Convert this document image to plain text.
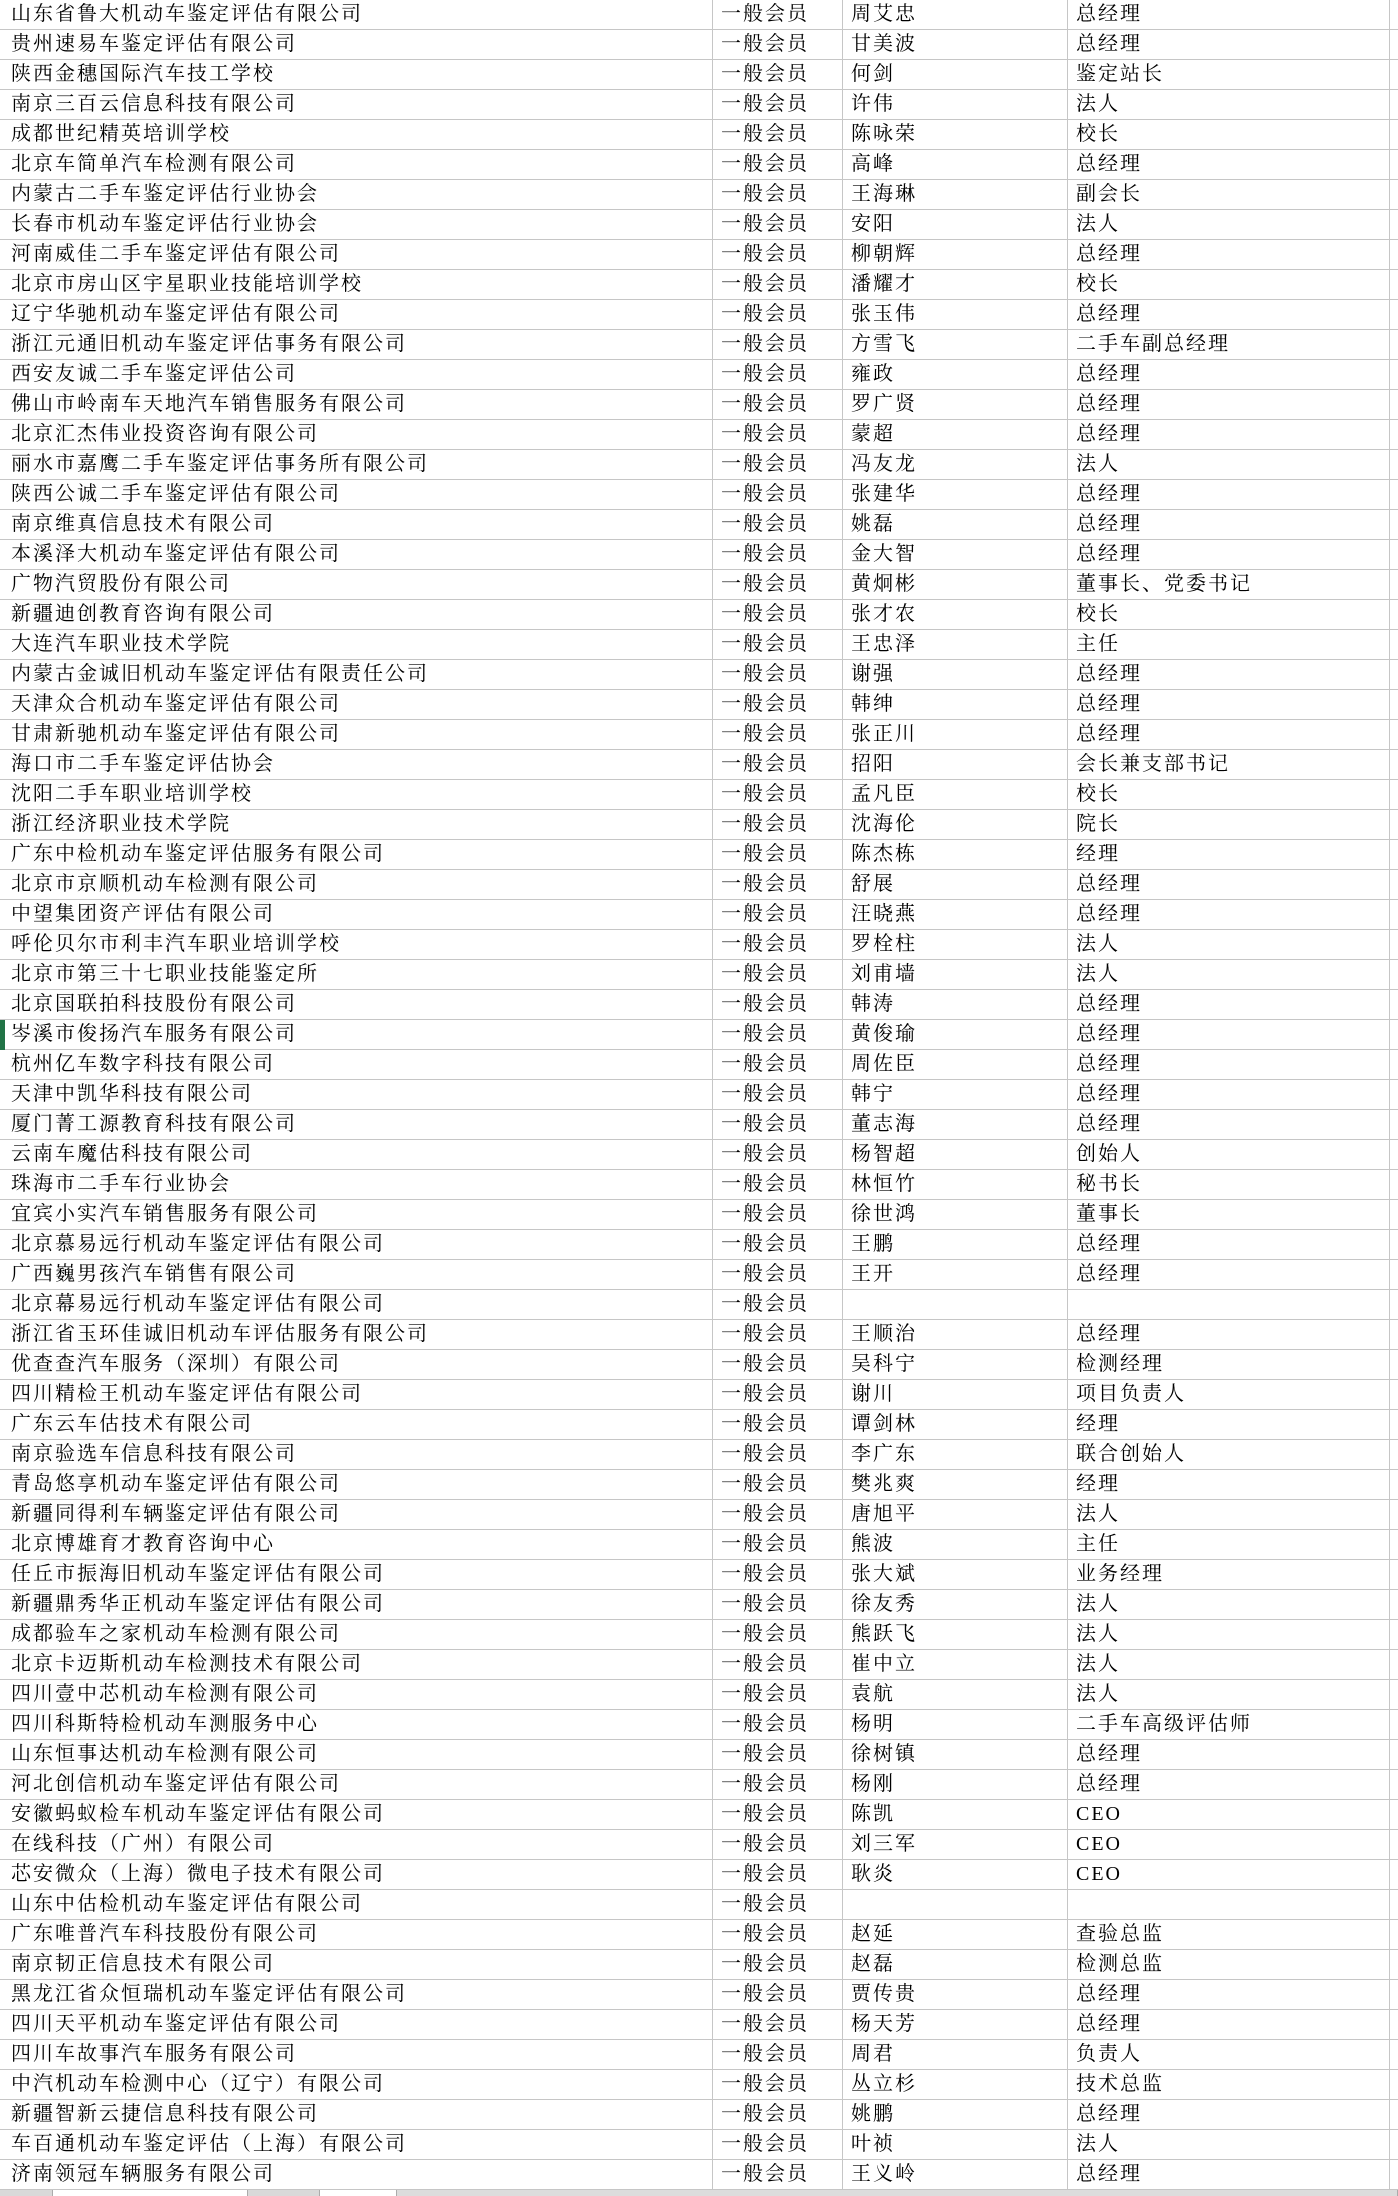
山东省鲁大机动车鉴定评估有限公司	一般会员	周艾忠	总经理
贵州速易车鉴定评估有限公司	一般会员	甘美波	总经理
陕西金穗国际汽车技工学校	一般会员	何剑	鉴定站长
南京三百云信息科技有限公司	一般会员	许伟	法人
成都世纪精英培训学校	一般会员	陈咏荣	校长
北京车简单汽车检测有限公司	一般会员	高峰	总经理
内蒙古二手车鉴定评估行业协会	一般会员	王海琳	副会长
长春市机动车鉴定评估行业协会	一般会员	安阳	法人
河南威佳二手车鉴定评估有限公司	一般会员	柳朝辉	总经理
北京市房山区宇星职业技能培训学校	一般会员	潘耀才	校长
辽宁华驰机动车鉴定评估有限公司	一般会员	张玉伟	总经理
浙江元通旧机动车鉴定评估事务有限公司	一般会员	方雪飞	二手车副总经理
西安友诚二手车鉴定评估公司	一般会员	雍政	总经理
佛山市岭南车天地汽车销售服务有限公司	一般会员	罗广贤	总经理
北京汇杰伟业投资咨询有限公司	一般会员	蒙超	总经理
丽水市嘉鹰二手车鉴定评估事务所有限公司	一般会员	冯友龙	法人
陕西公诚二手车鉴定评估有限公司	一般会员	张建华	总经理
南京维真信息技术有限公司	一般会员	姚磊	总经理
本溪泽大机动车鉴定评估有限公司	一般会员	金大智	总经理
广物汽贸股份有限公司	一般会员	黄炯彬	董事长、党委书记
新疆迪创教育咨询有限公司	一般会员	张才农	校长
大连汽车职业技术学院	一般会员	王忠泽	主任
内蒙古金诚旧机动车鉴定评估有限责任公司	一般会员	谢强	总经理
天津众合机动车鉴定评估有限公司	一般会员	韩绅	总经理
甘肃新驰机动车鉴定评估有限公司	一般会员	张正川	总经理
海口市二手车鉴定评估协会	一般会员	招阳	会长兼支部书记
沈阳二手车职业培训学校	一般会员	孟凡臣	校长
浙江经济职业技术学院	一般会员	沈海伦	院长
广东中检机动车鉴定评估服务有限公司	一般会员	陈杰栋	经理
北京市京顺机动车检测有限公司	一般会员	舒展	总经理
中望集团资产评估有限公司	一般会员	汪晓燕	总经理
呼伦贝尔市利丰汽车职业培训学校	一般会员	罗栓柱	法人
北京市第三十七职业技能鉴定所	一般会员	刘甫墙	法人
北京国联拍科技股份有限公司	一般会员	韩涛	总经理
岑溪市俊扬汽车服务有限公司	一般会员	黄俊瑜	总经理
杭州亿车数字科技有限公司	一般会员	周佐臣	总经理
天津中凯华科技有限公司	一般会员	韩宁	总经理
厦门菁工源教育科技有限公司	一般会员	董志海	总经理
云南车魔估科技有限公司	一般会员	杨智超	创始人
珠海市二手车行业协会	一般会员	林恒竹	秘书长
宜宾小实汽车销售服务有限公司	一般会员	徐世鸿	董事长
北京慕易远行机动车鉴定评估有限公司	一般会员	王鹏	总经理
广西巍男孩汽车销售有限公司	一般会员	王开	总经理
北京幕易远行机动车鉴定评估有限公司	一般会员
浙江省玉环佳诚旧机动车评估服务有限公司	一般会员	王顺治	总经理
优查查汽车服务（深圳）有限公司	一般会员	吴科宁	检测经理
四川精检王机动车鉴定评估有限公司	一般会员	谢川	项目负责人
广东云车估技术有限公司	一般会员	谭剑林	经理
南京验选车信息科技有限公司	一般会员	李广东	联合创始人
青岛悠享机动车鉴定评估有限公司	一般会员	樊兆爽	经理
新疆同得利车辆鉴定评估有限公司	一般会员	唐旭平	法人
北京博雄育才教育咨询中心	一般会员	熊波	主任
任丘市振海旧机动车鉴定评估有限公司	一般会员	张大斌	业务经理
新疆鼎秀华正机动车鉴定评估有限公司	一般会员	徐友秀	法人
成都验车之家机动车检测有限公司	一般会员	熊跃飞	法人
北京卡迈斯机动车检测技术有限公司	一般会员	崔中立	法人
四川壹中芯机动车检测有限公司	一般会员	袁航	法人
四川科斯特检机动车测服务中心	一般会员	杨明	二手车高级评估师
山东恒事达机动车检测有限公司	一般会员	徐树镇	总经理
河北创信机动车鉴定评估有限公司	一般会员	杨刚	总经理
安徽蚂蚁检车机动车鉴定评估有限公司	一般会员	陈凯	CEO
在线科技（广州）有限公司	一般会员	刘三军	CEO
芯安微众（上海）微电子技术有限公司	一般会员	耿炎	CEO
山东中估检机动车鉴定评估有限公司	一般会员
广东唯普汽车科技股份有限公司	一般会员	赵延	查验总监
南京韧正信息技术有限公司	一般会员	赵磊	检测总监
黑龙江省众恒瑞机动车鉴定评估有限公司	一般会员	贾传贵	总经理
四川天平机动车鉴定评估有限公司	一般会员	杨天芳	总经理
四川车故事汽车服务有限公司	一般会员	周君	负责人
中汽机动车检测中心（辽宁）有限公司	一般会员	丛立杉	技术总监
新疆智新云捷信息科技有限公司	一般会员	姚鹏	总经理
车百通机动车鉴定评估（上海）有限公司	一般会员	叶祯	法人
济南领冠车辆服务有限公司	一般会员	王义岭	总经理
